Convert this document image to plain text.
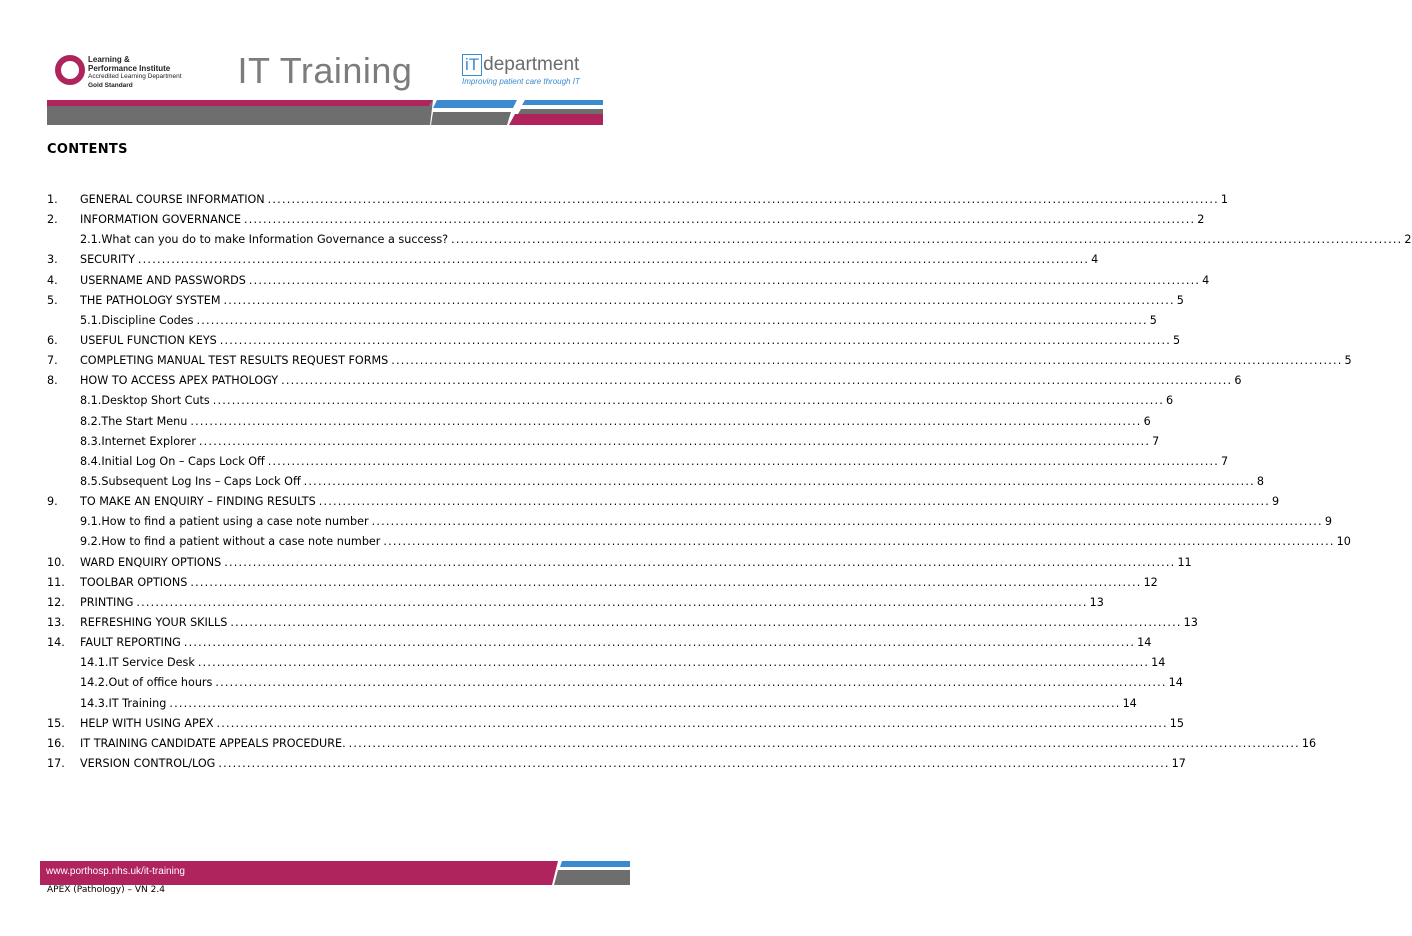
Learning &
Performance Institute
Accredited Learning Department
Gold Standard	IT Training	iT department
Improving patient care through IT
CONTENTS
1. GENERAL COURSE INFORMATION ........................................................................................................................................................................................................ 1
2. INFORMATION GOVERNANCE ........................................................................................................................................................................................................ 2
2.1. What can you do to make Information Governance a success? ........................................................................................................................................................................................................ 2
3. SECURITY ........................................................................................................................................................................................................ 4
4. USERNAME AND PASSWORDS ........................................................................................................................................................................................................ 4
5. THE PATHOLOGY SYSTEM ........................................................................................................................................................................................................ 5
5.1. Discipline Codes ........................................................................................................................................................................................................ 5
6. USEFUL FUNCTION KEYS ........................................................................................................................................................................................................ 5
7. COMPLETING MANUAL TEST RESULTS REQUEST FORMS ........................................................................................................................................................................................................ 5
8. HOW TO ACCESS APEX PATHOLOGY ........................................................................................................................................................................................................ 6
8.1. Desktop Short Cuts ........................................................................................................................................................................................................ 6
8.2. The Start Menu ........................................................................................................................................................................................................ 6
8.3. Internet Explorer ........................................................................................................................................................................................................ 7
8.4. Initial Log On – Caps Lock Off ........................................................................................................................................................................................................ 7
8.5. Subsequent Log Ins – Caps Lock Off ........................................................................................................................................................................................................ 8
9. TO MAKE AN ENQUIRY – FINDING RESULTS ........................................................................................................................................................................................................ 9
9.1. How to find a patient using a case note number ........................................................................................................................................................................................................ 9
9.2. How to find a patient without a case note number ........................................................................................................................................................................................................ 10
10. WARD ENQUIRY OPTIONS ........................................................................................................................................................................................................ 11
11. TOOLBAR OPTIONS ........................................................................................................................................................................................................ 12
12. PRINTING ........................................................................................................................................................................................................ 13
13. REFRESHING YOUR SKILLS ........................................................................................................................................................................................................ 13
14. FAULT REPORTING ........................................................................................................................................................................................................ 14
14.1. IT Service Desk ........................................................................................................................................................................................................ 14
14.2. Out of office hours ........................................................................................................................................................................................................ 14
14.3. IT Training ........................................................................................................................................................................................................ 14
15. HELP WITH USING APEX ........................................................................................................................................................................................................ 15
16. IT TRAINING CANDIDATE APPEALS PROCEDURE. ........................................................................................................................................................................................................ 16
17. VERSION CONTROL/LOG ........................................................................................................................................................................................................ 17
www.porthosp.nhs.uk/it-training
APEX (Pathology) – VN 2.4
